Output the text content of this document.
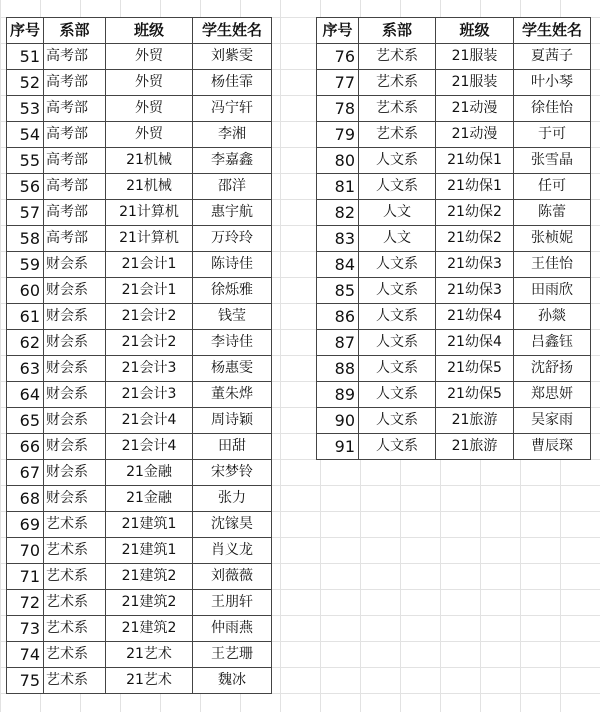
序号	系部	班级	学生姓名
51	高考部	外贸	刘紫雯
52	高考部	外贸	杨佳霏
53	高考部	外贸	冯宁轩
54	高考部	外贸	李湘
55	高考部	21机械	李嘉鑫
56	高考部	21机械	邵洋
57	高考部	21计算机	惠宇航
58	高考部	21计算机	万玲玲
59	财会系	21会计1	陈诗佳
60	财会系	21会计1	徐烁雅
61	财会系	21会计2	钱莹
62	财会系	21会计2	李诗佳
63	财会系	21会计3	杨惠雯
64	财会系	21会计3	董朱烨
65	财会系	21会计4	周诗颖
66	财会系	21会计4	田甜
67	财会系	21金融	宋梦铃
68	财会系	21金融	张力
69	艺术系	21建筑1	沈镓昊
70	艺术系	21建筑1	肖义龙
71	艺术系	21建筑2	刘薇薇
72	艺术系	21建筑2	王朋轩
73	艺术系	21建筑2	仲雨燕
74	艺术系	21艺术	王艺珊
75	艺术系	21艺术	魏冰
序号	系部	班级	学生姓名
76	艺术系	21服装	夏茜子
77	艺术系	21服装	叶小琴
78	艺术系	21动漫	徐佳怡
79	艺术系	21动漫	于可
80	人文系	21幼保1	张雪晶
81	人文系	21幼保1	任可
82	人文	21幼保2	陈蕾
83	人文	21幼保2	张桢妮
84	人文系	21幼保3	王佳怡
85	人文系	21幼保3	田雨欣
86	人文系	21幼保4	孙燚
87	人文系	21幼保4	吕鑫钰
88	人文系	21幼保5	沈舒扬
89	人文系	21幼保5	郑思妍
90	人文系	21旅游	吴家雨
91	人文系	21旅游	曹辰琛
